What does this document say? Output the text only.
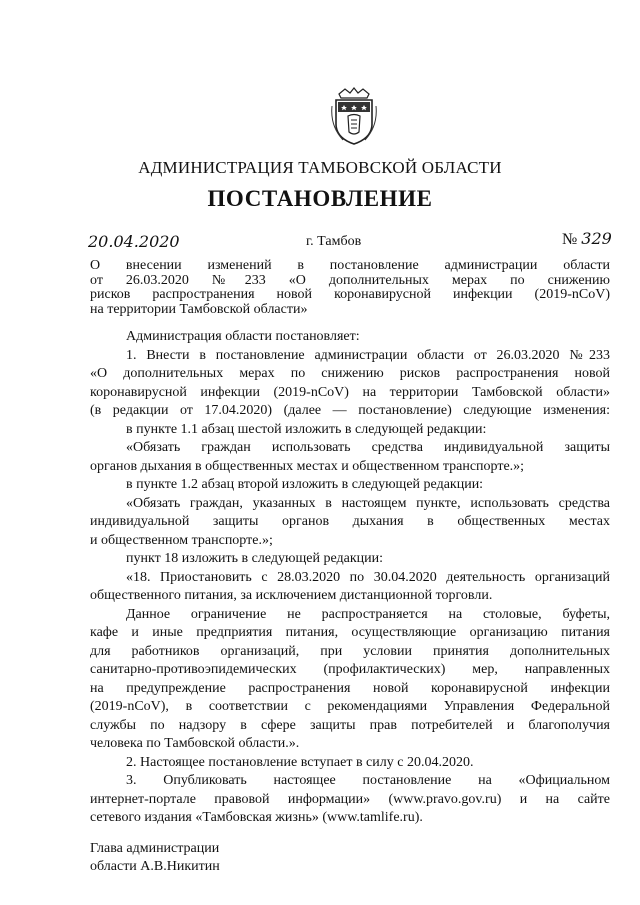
АДМИНИСТРАЦИЯ ТАМБОВСКОЙ ОБЛАСТИ
ПОСТАНОВЛЕНИЕ
20.04.2020	г. Тамбов	№ 329
О внесении изменений в постановление администрации области
от 26.03.2020 №233 «О дополнительных мерах по снижению
рисков распространения новой коронавирусной инфекции (2019-nCoV)
на территории Тамбовской области»
Администрация области постановляет:
1. Внести в постановление администрации области от 26.03.2020 №233
«О дополнительных мерах по снижению рисков распространения новой
коронавирусной инфекции (2019-nCoV) на территории Тамбовской области»
(в редакции от 17.04.2020) (далее — постановление) следующие изменения:
в пункте 1.1 абзац шестой изложить в следующей редакции:
«Обязать граждан использовать средства индивидуальной защиты
органов дыхания в общественных местах и общественном транспорте.»;
в пункте 1.2 абзац второй изложить в следующей редакции:
«Обязать граждан, указанных в настоящем пункте, использовать средства
индивидуальной защиты органов дыхания в общественных местах
и общественном транспорте.»;
пункт 18 изложить в следующей редакции:
«18. Приостановить с 28.03.2020 по 30.04.2020 деятельность организаций
общественного питания, за исключением дистанционной торговли.
Данное ограничение не распространяется на столовые, буфеты,
кафе и иные предприятия питания, осуществляющие организацию питания
для работников организаций, при условии принятия дополнительных
санитарно-противоэпидемических (профилактических) мер, направленных
на предупреждение распространения новой коронавирусной инфекции
(2019-nCoV), в соответствии с рекомендациями Управления Федеральной
службы по надзору в сфере защиты прав потребителей и благополучия
человека по Тамбовской области.».
2. Настоящее постановление вступает в силу с 20.04.2020.
3. Опубликовать настоящее постановление на «Официальном
интернет-портале правовой информации» (www.pravo.gov.ru) и на сайте
сетевого издания «Тамбовская жизнь» (www.tamlife.ru).
Глава администрации
области А.В.Никитин
